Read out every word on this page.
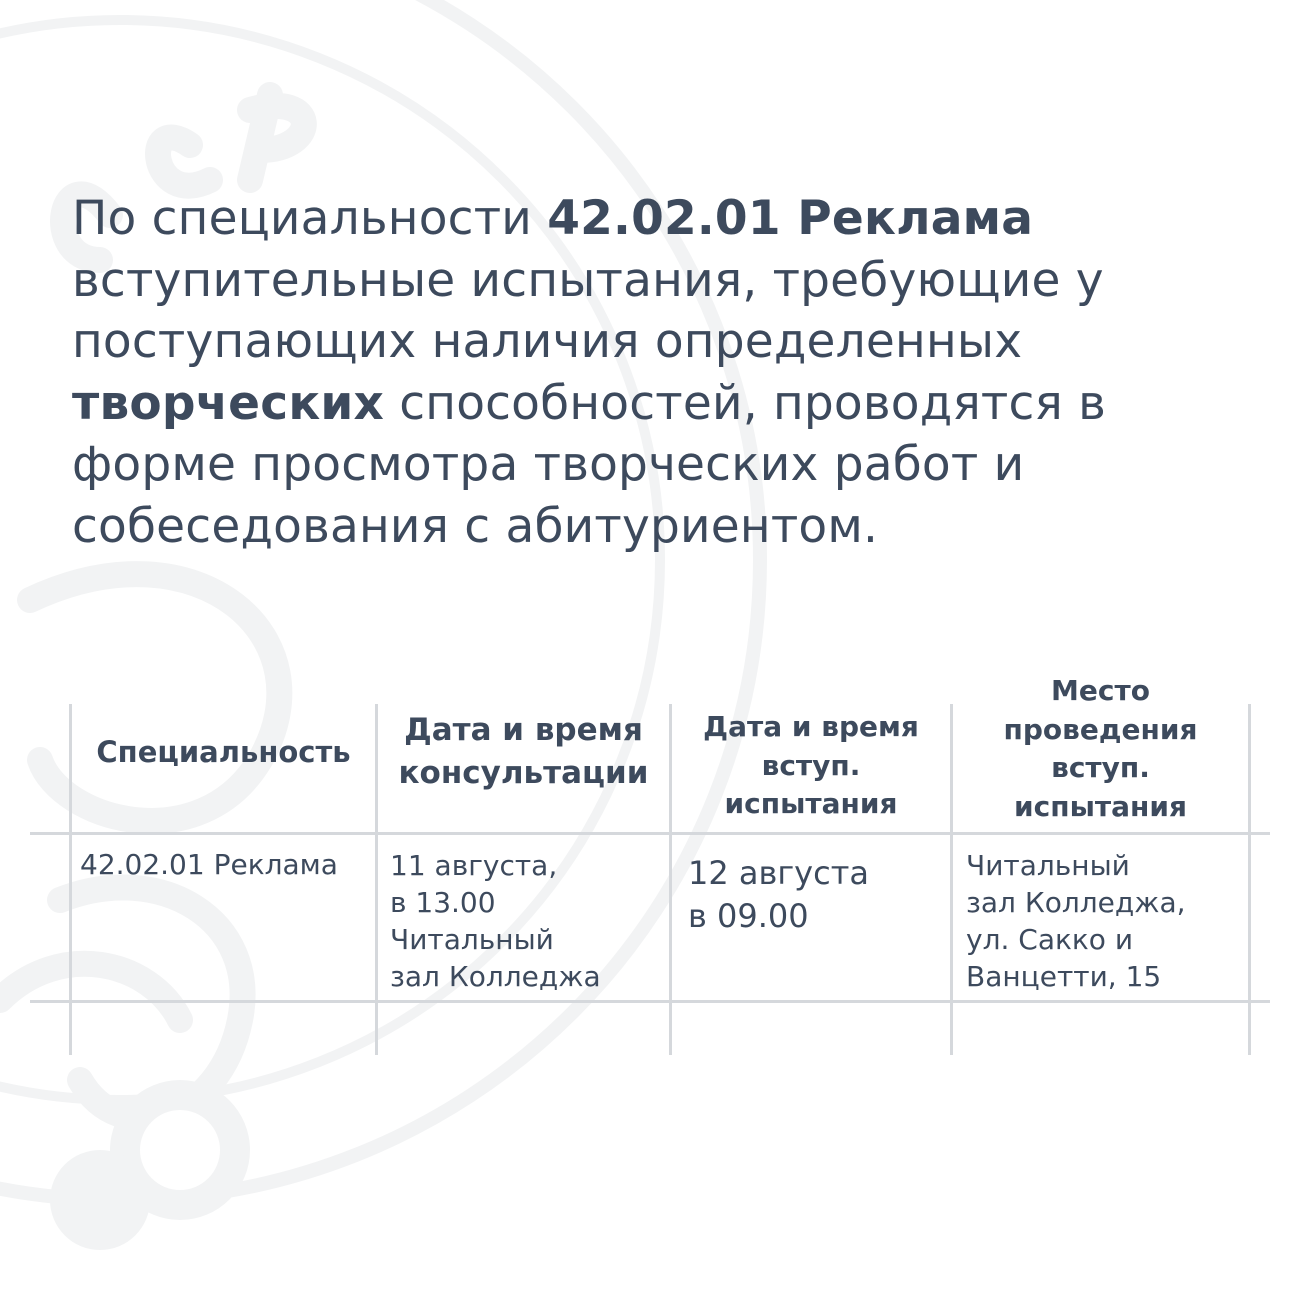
По специальности 42.02.01 Реклама
вступительные испытания, требующие у
поступающих наличия определенных
творческих способностей, проводятся в
форме просмотра творческих работ и
собеседования с абитуриентом.
Специальность
Дата и время
консультации
Дата и время
вступ.
испытания
Место
проведения
вступ.
испытания
42.02.01 Реклама 11 августа,
в 13.00
Читальный
зал Колледжа
12 августа
в 09.00
Читальный
зал Колледжа,
ул. Сакко и
Ванцетти, 15
